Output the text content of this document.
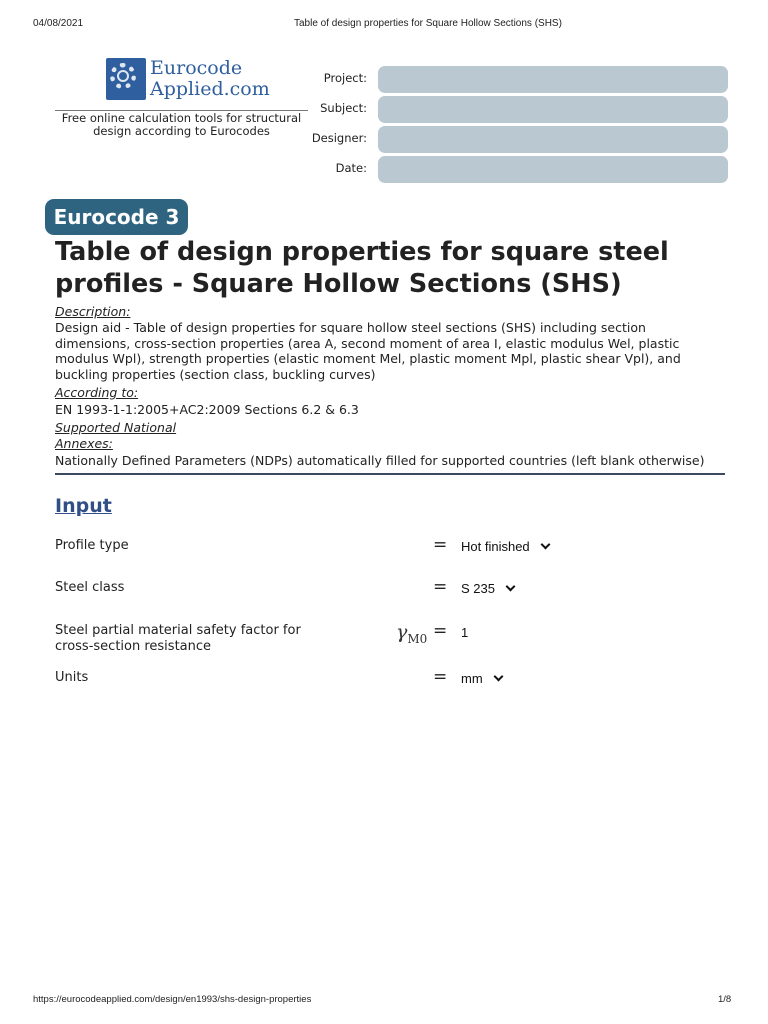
04/08/2021	Table of design properties for Square Hollow Sections (SHS)
Eurocode
Applied.com
Free online calculation tools for structural design according to Eurocodes
Project:
Subject:
Designer:
Date:
Eurocode 3
Table of design properties for square steel profiles - Square Hollow Sections (SHS)
Description:
Design aid - Table of design properties for square hollow steel sections (SHS) including section dimensions, cross-section properties (area A, second moment of area I, elastic modulus Wel, plastic modulus Wpl), strength properties (elastic moment Mel, plastic moment Mpl, plastic shear Vpl), and buckling properties (section class, buckling curves)
According to:
EN 1993-1-1:2005+AC2:2009 Sections 6.2 & 6.3
Supported National
Annexes:
Nationally Defined Parameters (NDPs) automatically filled for supported countries (left blank otherwise)
Input
Profile type	= Hot finished
Steel class	= S 235
Steel partial material safety factor for
cross-section resistance
$\gamma_{M0} = 1$
Units	= mm
https://eurocodeapplied.com/design/en1993/shs-design-properties	1/8
